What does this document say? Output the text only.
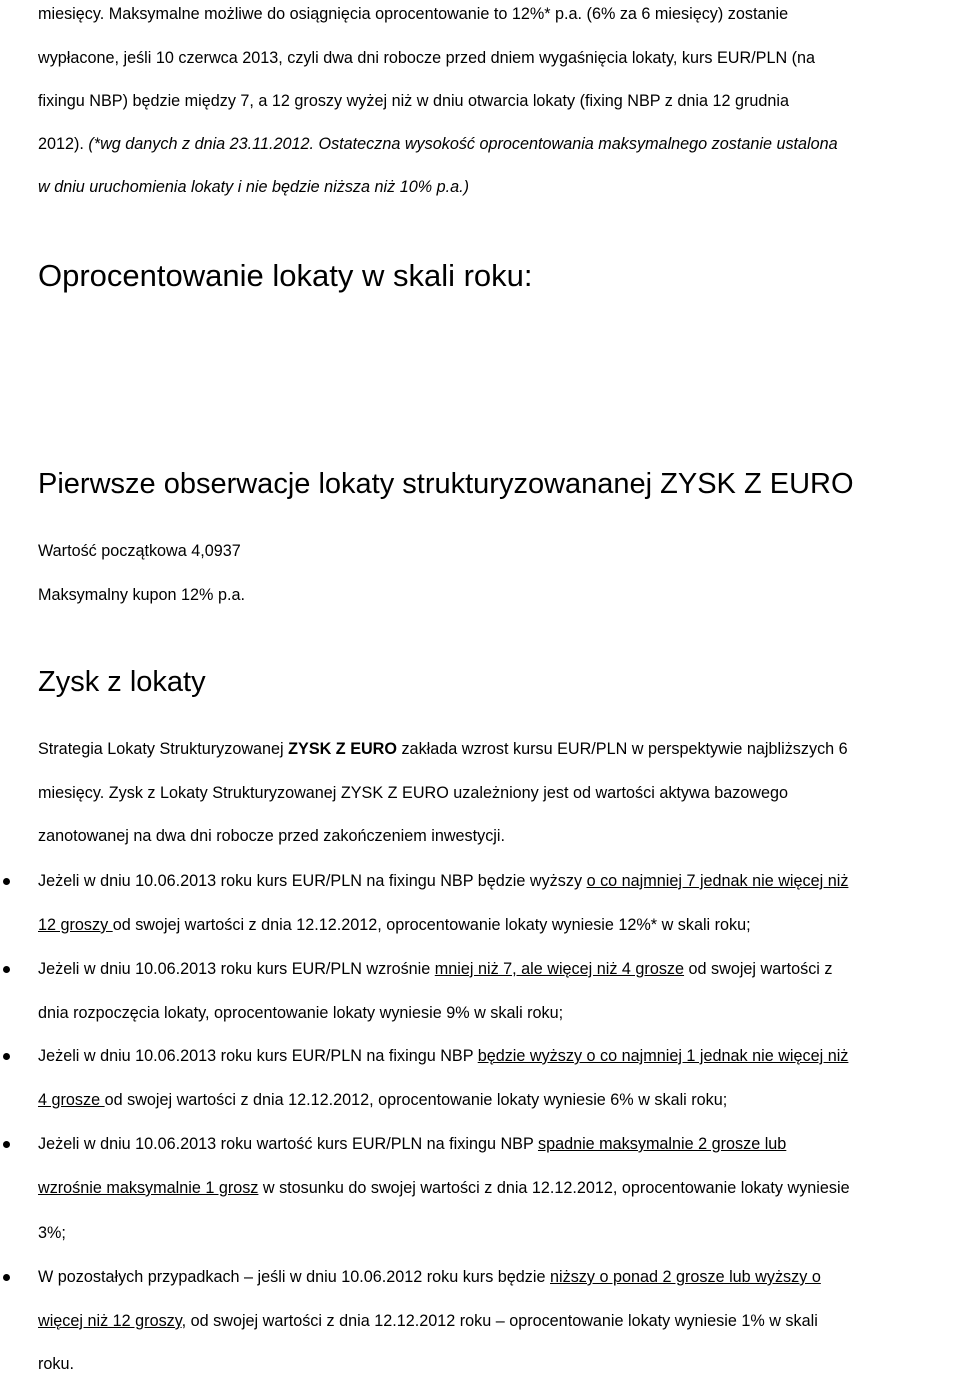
miesięcy. Maksymalne możliwe do osiągnięcia oprocentowanie to 12%* p.a. (6% za 6 miesięcy) zostanie
wypłacone, jeśli 10 czerwca 2013, czyli dwa dni robocze przed dniem wygaśnięcia lokaty, kurs EUR/PLN (na
fixingu NBP) będzie między 7, a 12 groszy wyżej niż w dniu otwarcia lokaty (fixing NBP z dnia 12 grudnia
2012). (*wg danych z dnia 23.11.2012. Ostateczna wysokość oprocentowania maksymalnego zostanie ustalona
w dniu uruchomienia lokaty i nie będzie niższa niż 10% p.a.)
Oprocentowanie lokaty w skali roku:
Pierwsze obserwacje lokaty strukturyzowananej ZYSK Z EURO
Wartość początkowa 4,0937
Maksymalny kupon 12% p.a.
Zysk z lokaty
Strategia Lokaty Strukturyzowanej ZYSK Z EURO zakłada wzrost kursu EUR/PLN w perspektywie najbliższych 6
miesięcy. Zysk z Lokaty Strukturyzowanej ZYSK Z EURO uzależniony jest od wartości aktywa bazowego
zanotowanej na dwa dni robocze przed zakończeniem inwestycji.
Jeżeli w dniu 10.06.2013 roku kurs EUR/PLN na fixingu NBP będzie wyższy o co najmniej 7 jednak nie więcej niż
12 groszy od swojej wartości z dnia 12.12.2012, oprocentowanie lokaty wyniesie 12%* w skali roku;
Jeżeli w dniu 10.06.2013 roku kurs EUR/PLN wzrośnie mniej niż 7, ale więcej niż 4 grosze od swojej wartości z
dnia rozpoczęcia lokaty, oprocentowanie lokaty wyniesie 9% w skali roku;
Jeżeli w dniu 10.06.2013 roku kurs EUR/PLN na fixingu NBP będzie wyższy o co najmniej 1 jednak nie więcej niż
4 grosze od swojej wartości z dnia 12.12.2012, oprocentowanie lokaty wyniesie 6% w skali roku;
Jeżeli w dniu 10.06.2013 roku wartość kurs EUR/PLN na fixingu NBP spadnie maksymalnie 2 grosze lub
wzrośnie maksymalnie 1 grosz w stosunku do swojej wartości z dnia 12.12.2012, oprocentowanie lokaty wyniesie
3%;
W pozostałych przypadkach – jeśli w dniu 10.06.2012 roku kurs będzie niższy o ponad 2 grosze lub wyższy o
więcej niż 12 groszy, od swojej wartości z dnia 12.12.2012 roku – oprocentowanie lokaty wyniesie 1% w skali
roku.
